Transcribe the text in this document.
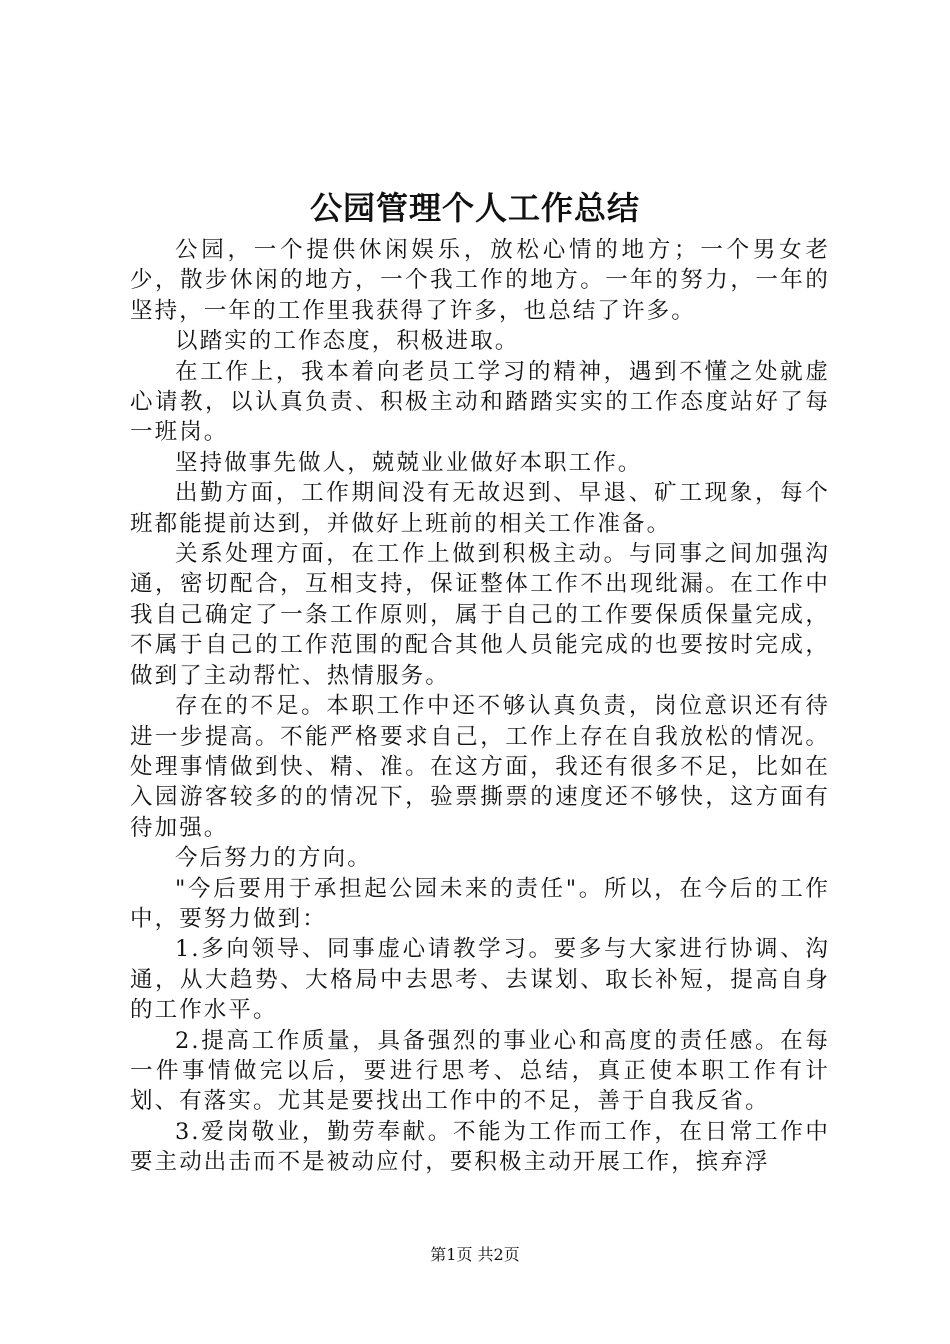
公园管理个人工作总结

公园，一个提供休闲娱乐，放松心情的地方；一个男女老少，散步休闲的地方，一个我工作的地方。一年的努力，一年的坚持，一年的工作里我获得了许多，也总结了许多。

以踏实的工作态度，积极进取。

在工作上，我本着向老员工学习的精神，遇到不懂之处就虚心请教，以认真负责、积极主动和踏踏实实的工作态度站好了每一班岗。

坚持做事先做人，兢兢业业做好本职工作。

出勤方面，工作期间没有无故迟到、早退、矿工现象，每个班都能提前达到，并做好上班前的相关工作准备。

关系处理方面，在工作上做到积极主动。与同事之间加强沟通，密切配合，互相支持，保证整体工作不出现纰漏。在工作中我自己确定了一条工作原则，属于自己的工作要保质保量完成，不属于自己的工作范围的配合其他人员能完成的也要按时完成，做到了主动帮忙、热情服务。

存在的不足。本职工作中还不够认真负责，岗位意识还有待进一步提高。不能严格要求自己，工作上存在自我放松的情况。处理事情做到快、精、准。在这方面，我还有很多不足，比如在入园游客较多的的情况下，验票撕票的速度还不够快，这方面有待加强。

今后努力的方向。

"今后要用于承担起公园未来的责任"。所以，在今后的工作中，要努力做到：

1.多向领导、同事虚心请教学习。要多与大家进行协调、沟通，从大趋势、大格局中去思考、去谋划、取长补短，提高自身的工作水平。

2.提高工作质量，具备强烈的事业心和高度的责任感。在每一件事情做完以后，要进行思考、总结，真正使本职工作有计划、有落实。尤其是要找出工作中的不足，善于自我反省。

3.爱岗敬业，勤劳奉献。不能为工作而工作，在日常工作中要主动出击而不是被动应付，要积极主动开展工作，摈弃浮

第1页 共2页
